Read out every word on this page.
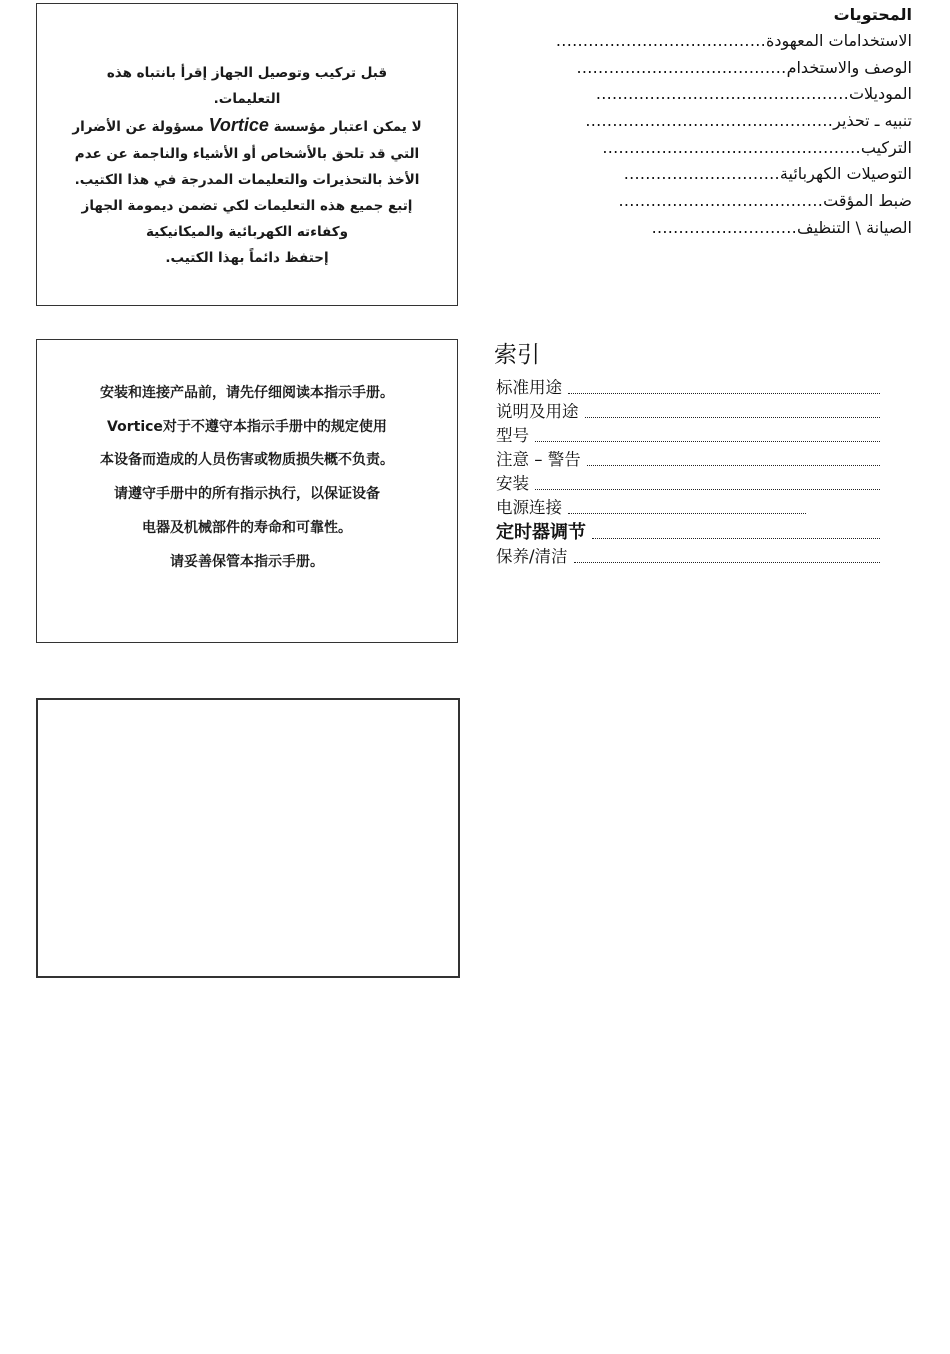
قبل تركيب وتوصيل الجهاز إقرأ بانتباه هذه
التعليمات.
لا يمكن اعتبار مؤسسة Vortice مسؤولة عن الأضرار
التي قد تلحق بالأشخاص أو الأشياء والناجمة عن عدم
الأخذ بالتحذيرات والتعليمات المدرجة في هذا الكتيب.
إتبع جميع هذه التعليمات لكي تضمن ديمومة الجهاز
وكفاءته الكهربائية والميكانيكية
إحتفظ دائماً بهذا الكتيب.
المحتويات
الاستخدامات المعهودة
.......................................
الوصف والاستخدام
.......................................
الموديلات
...............................................
تنبيه ـ تحذير
..............................................
التركيب
................................................
التوصيلات الكهربائية
.............................
ضبط المؤقت
......................................
الصيانة \ التنظيف
...........................
安装和连接产品前，请先仔细阅读本指示手册。
Vortice对于不遵守本指示手册中的规定使用
本设备而造成的人员伤害或物质损失概不负责。
请遵守手册中的所有指示执行，以保证设备
电器及机械部件的寿命和可靠性。
请妥善保管本指示手册。
索引
标准用途
说明及用途
型号
注意 – 警告
安装
电源连接
定时器调节
保养/清洁
